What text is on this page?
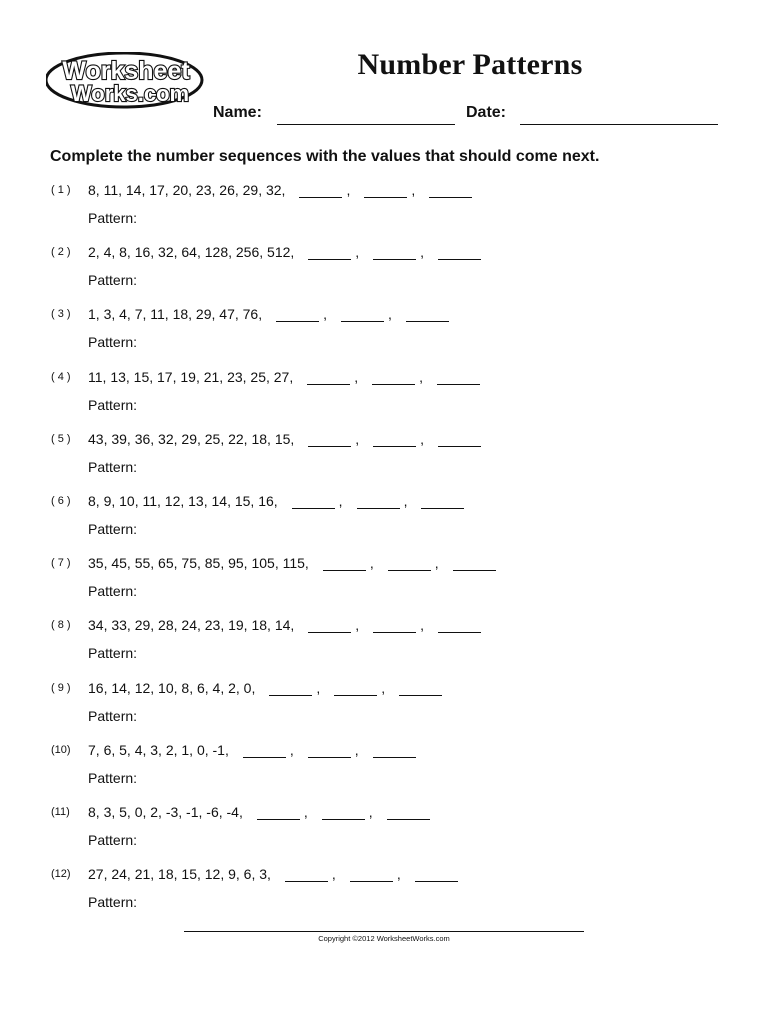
Worksheet
Works.com
Number Patterns
Name:	Date:
Complete the number sequences with the values that should come next.
( 1 ) 8, 11, 14, 17, 20, 23, 26, 29, 32,	,	,
Pattern:
( 2 ) 2, 4, 8, 16, 32, 64, 128, 256, 512,	,	,
Pattern:
( 3 ) 1, 3, 4, 7, 11, 18, 29, 47, 76,	,	,
Pattern:
( 4 ) 11, 13, 15, 17, 19, 21, 23, 25, 27,	,	,
Pattern:
( 5 ) 43, 39, 36, 32, 29, 25, 22, 18, 15,	,	,
Pattern:
( 6 ) 8, 9, 10, 11, 12, 13, 14, 15, 16,	,	,
Pattern:
( 7 ) 35, 45, 55, 65, 75, 85, 95, 105, 115,	,	,
Pattern:
( 8 ) 34, 33, 29, 28, 24, 23, 19, 18, 14,	,	,
Pattern:
( 9 ) 16, 14, 12, 10, 8, 6, 4, 2, 0,	,	,
Pattern:
(10) 7, 6, 5, 4, 3, 2, 1, 0, -1,	,	,
Pattern:
(11) 8, 3, 5, 0, 2, -3, -1, -6, -4,	,	,
Pattern:
(12) 27, 24, 21, 18, 15, 12, 9, 6, 3,	,	,
Pattern:
Copyright ©2012 WorksheetWorks.com
